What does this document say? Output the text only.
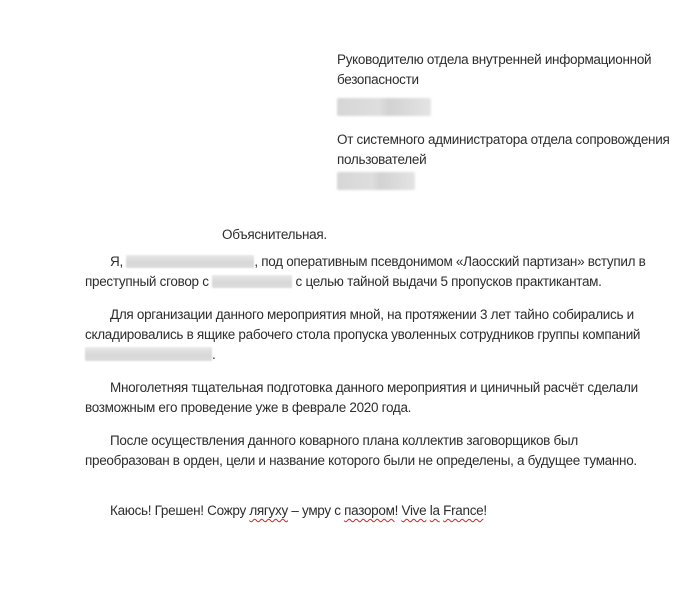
Руководителю отдела внутренней информационной безопасности

От системного администратора отдела сопровождения пользователей

Объяснительная.

Я,	, под оперативным псевдонимом «Лаосский партизан» вступил в преступный сговор с	с целью тайной выдачи 5 пропусков практикантам.

Для организации данного мероприятия мной, на протяжении 3 лет тайно собирались и складировались в ящике рабочего стола пропуска уволенных сотрудников группы компаний .

Многолетняя тщательная подготовка данного мероприятия и циничный расчёт сделали возможным его проведение уже в феврале 2020 года.

После осуществления данного коварного плана коллектив заговорщиков был преобразован в орден, цели и название которого были не определены, а будущее туманно.

Каюсь! Грешен! Сожру лягуху – умру с пазором! Vive la France!
